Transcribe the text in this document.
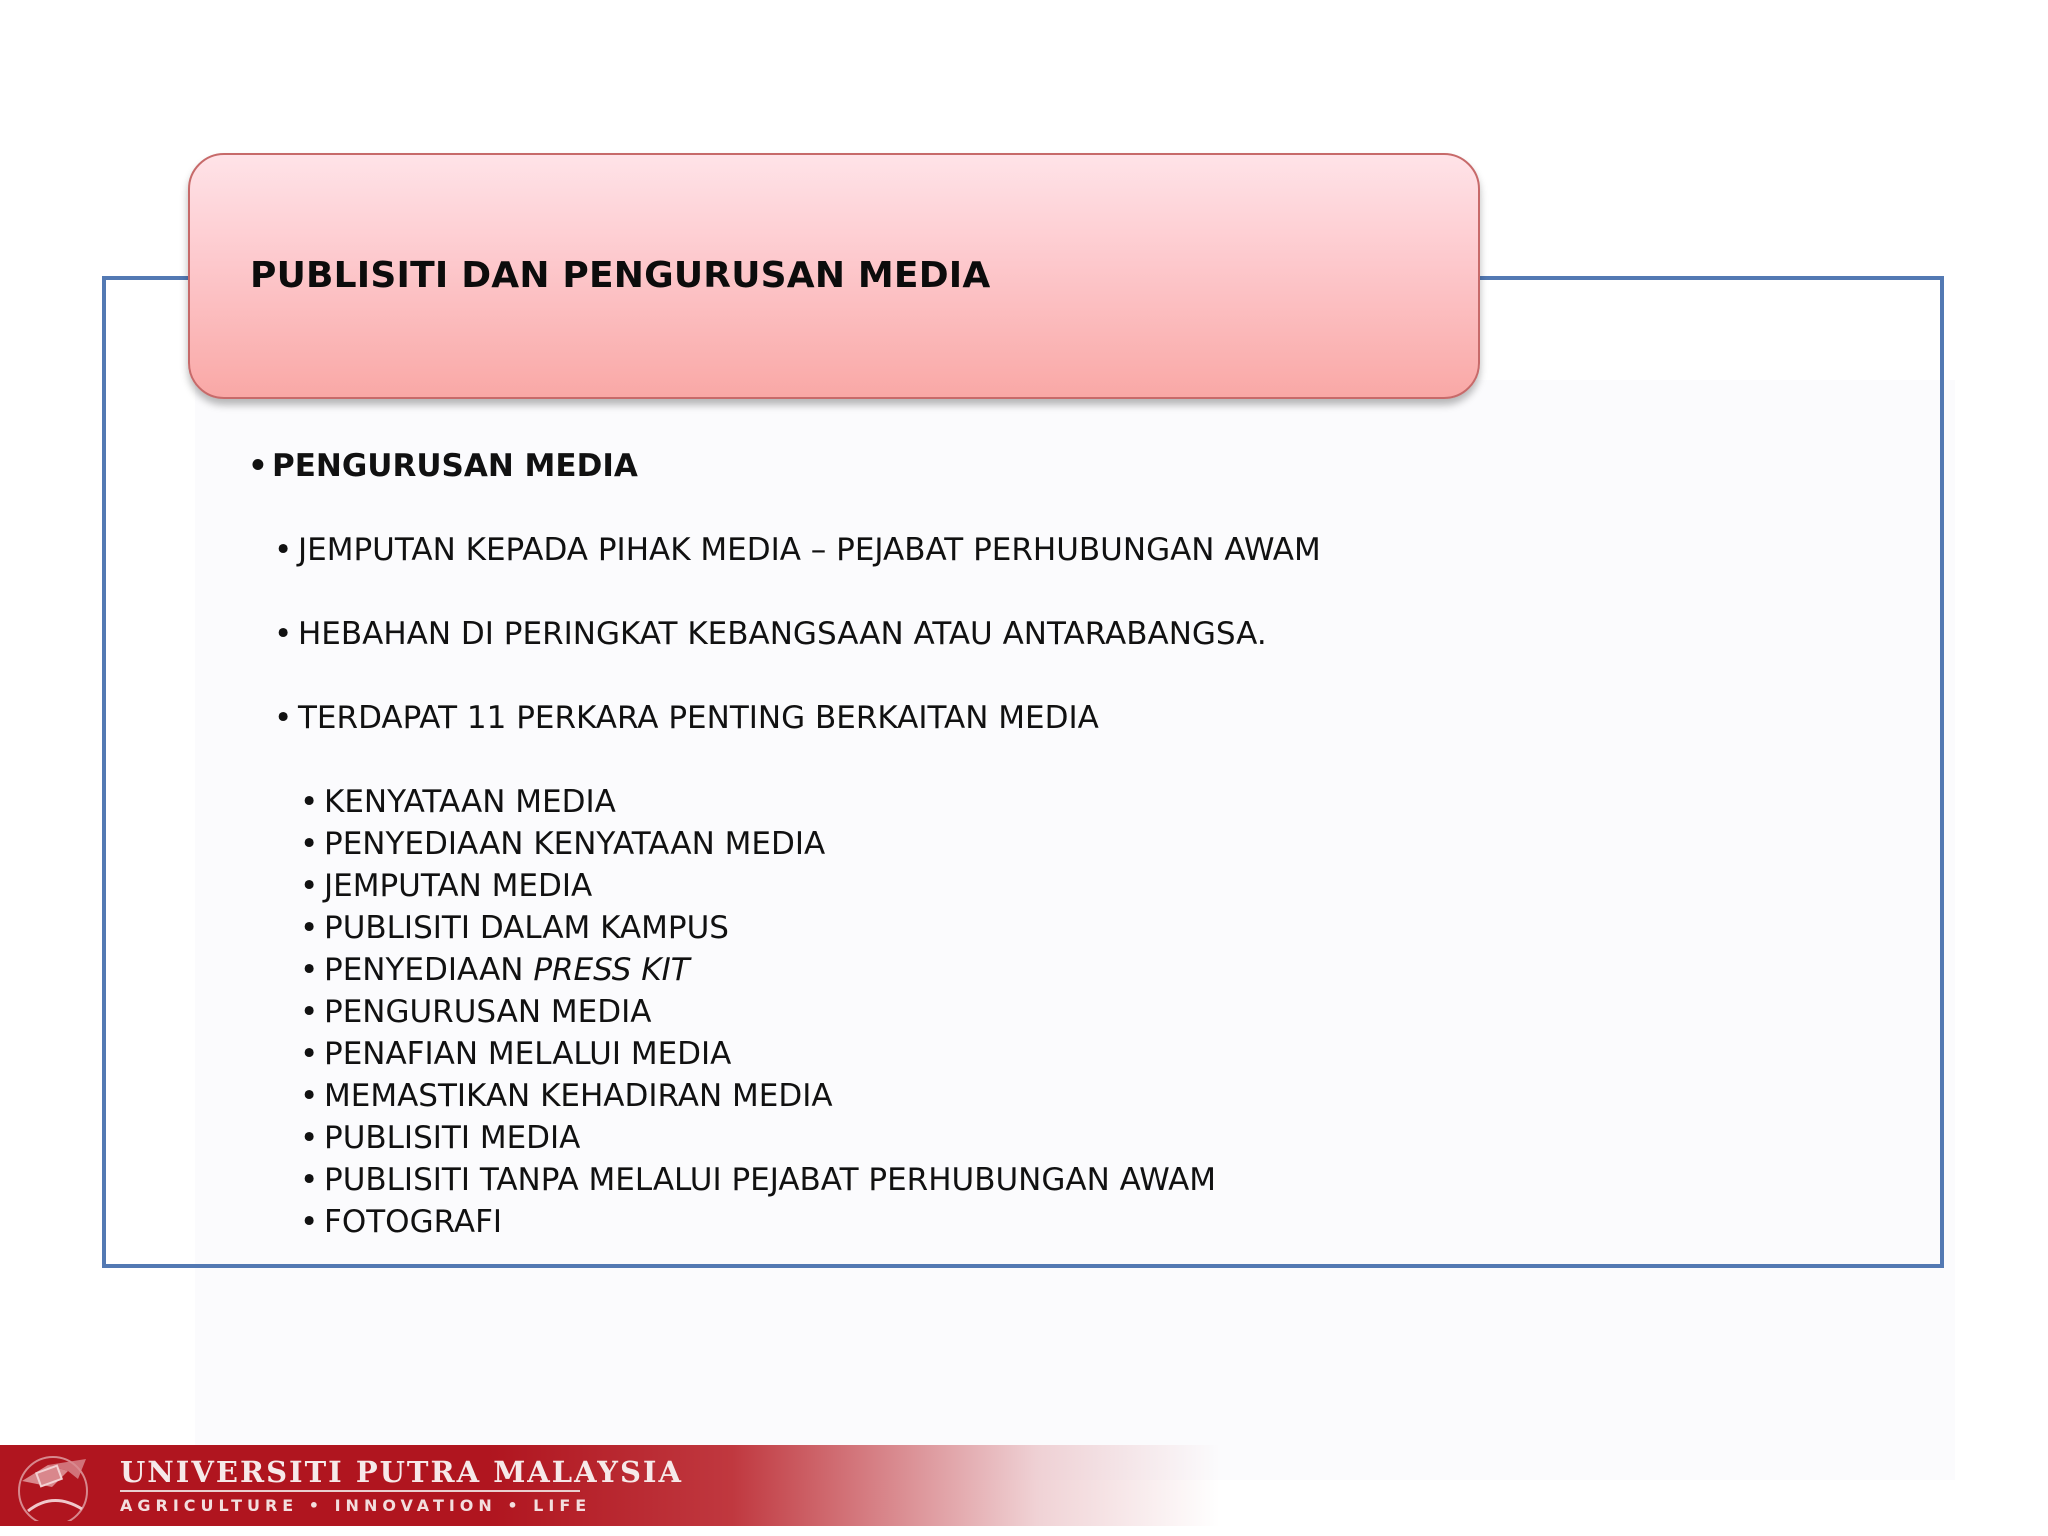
PUBLISITI DAN PENGURUSAN MEDIA
• PENGURUSAN MEDIA
• JEMPUTAN KEPADA PIHAK MEDIA – PEJABAT PERHUBUNGAN AWAM
• HEBAHAN DI PERINGKAT KEBANGSAAN ATAU ANTARABANGSA.
• TERDAPAT 11 PERKARA PENTING BERKAITAN MEDIA
• KENYATAAN MEDIA
• PENYEDIAAN KENYATAAN MEDIA
• JEMPUTAN MEDIA
• PUBLISITI DALAM KAMPUS
• PENYEDIAAN PRESS KIT
• PENGURUSAN MEDIA
• PENAFIAN MELALUI MEDIA
• MEMASTIKAN KEHADIRAN MEDIA
• PUBLISITI MEDIA
• PUBLISITI TANPA MELALUI PEJABAT PERHUBUNGAN AWAM
• FOTOGRAFI
UNIVERSITI PUTRA MALAYSIA
AGRICULTURE • INNOVATION • LIFE
